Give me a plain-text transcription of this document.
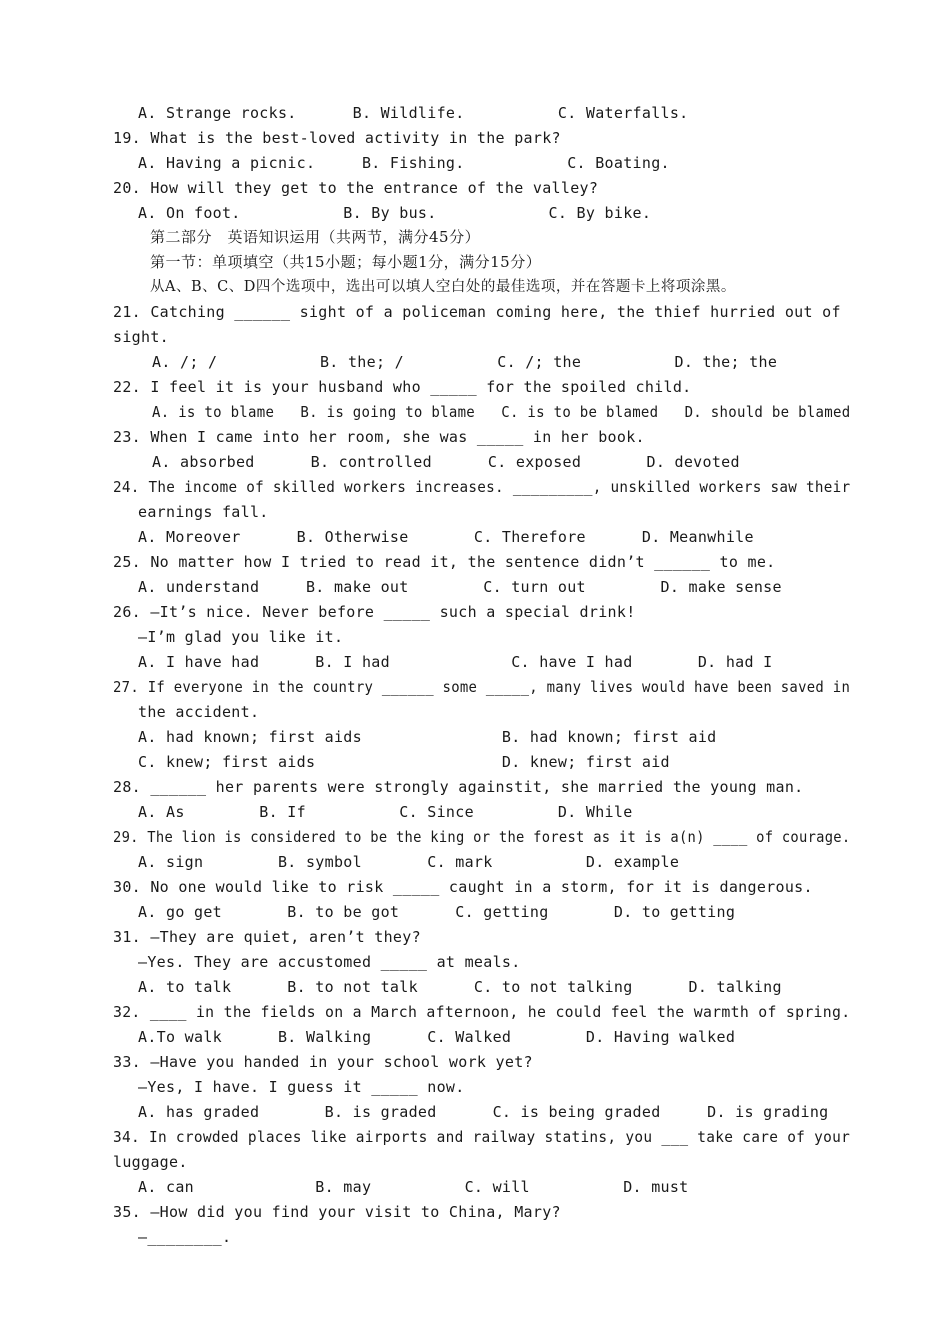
A. Strange rocks.      B. Wildlife.          C. Waterfalls.
19. What is the best-loved activity in the park?
A. Having a picnic.     B. Fishing.           C. Boating.
20. How will they get to the entrance of the valley?
A. On foot.           B. By bus.            C. By bike.
第二部分　英语知识运用（共两节，满分45分）
第一节：单项填空（共15小题；每小题1分，满分15分）
从A、B、C、D四个选项中，选出可以填人空白处的最佳选项，并在答题卡上将项涂黑。
21. Catching ______ sight of a policeman coming here, the thief hurried out of
sight.
A. /; /           B. the; /          C. /; the          D. the; the
22. I feel it is your husband who _____ for the spoiled child.
A. is to blame   B. is going to blame   C. is to be blamed   D. should be blamed
23. When I came into her room, she was _____ in her book.
A. absorbed      B. controlled      C. exposed       D. devoted
24. The income of skilled workers increases. _________, unskilled workers saw their
earnings fall.
A. Moreover      B. Otherwise       C. Therefore      D. Meanwhile
25. No matter how I tried to read it, the sentence didn’t ______ to me.
A. understand     B. make out        C. turn out        D. make sense
26. —It’s nice. Never before _____ such a special drink!
—I’m glad you like it.
A. I have had      B. I had             C. have I had       D. had I
27. If everyone in the country ______ some _____, many lives would have been saved in
the accident.
A. had known; first aids               B. had known; first aid
C. knew; first aids                    D. knew; first aid
28. ______ her parents were strongly againstit, she married the young man.
A. As        B. If          C. Since         D. While
29. The lion is considered to be the king or the forest as it is a(n) ____ of courage.
A. sign        B. symbol       C. mark          D. example
30. No one would like to risk _____ caught in a storm, for it is dangerous.
A. go get       B. to be got      C. getting       D. to getting
31. —They are quiet, aren’t they?
—Yes. They are accustomed _____ at meals.
A. to talk      B. to not talk      C. to not talking      D. talking
32. ____ in the fields on a March afternoon, he could feel the warmth of spring.
A.To walk      B. Walking      C. Walked        D. Having walked
33. —Have you handed in your school work yet?
—Yes, I have. I guess it _____ now.
A. has graded       B. is graded      C. is being graded     D. is grading
34. In crowded places like airports and railway statins, you ___ take care of your
luggage.
A. can             B. may          C. will          D. must
35. —How did you find your visit to China, Mary?
—________.
